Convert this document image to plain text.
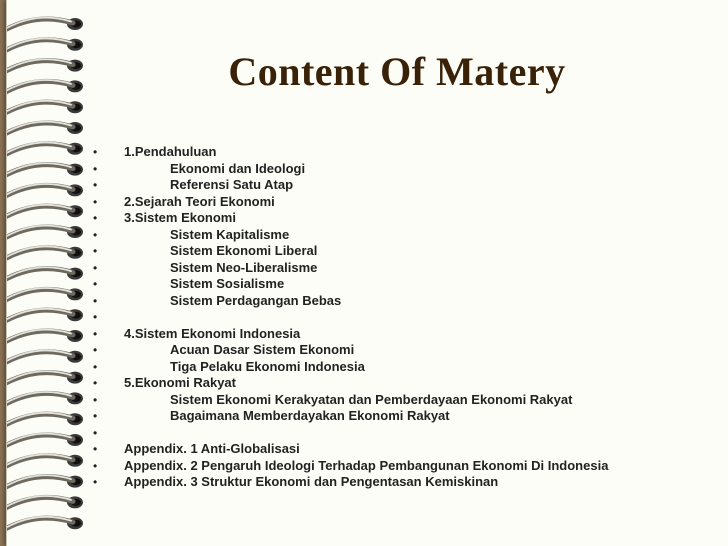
Content Of Matery
• 1.Pendahuluan
•	Ekonomi dan Ideologi
•	Referensi Satu Atap
• 2.Sejarah Teori Ekonomi
• 3.Sistem Ekonomi
•	Sistem Kapitalisme
•	Sistem Ekonomi Liberal
•	Sistem Neo-Liberalisme
•	Sistem Sosialisme
•	Sistem Perdagangan Bebas
•
• 4.Sistem Ekonomi Indonesia
•	Acuan Dasar Sistem Ekonomi
•	Tiga Pelaku Ekonomi Indonesia
• 5.Ekonomi Rakyat
•	Sistem Ekonomi Kerakyatan dan Pemberdayaan Ekonomi Rakyat
•	Bagaimana Memberdayakan Ekonomi Rakyat
•
• Appendix. 1 Anti-Globalisasi
• Appendix. 2 Pengaruh Ideologi Terhadap Pembangunan Ekonomi Di Indonesia
• Appendix. 3 Struktur Ekonomi dan Pengentasan Kemiskinan
